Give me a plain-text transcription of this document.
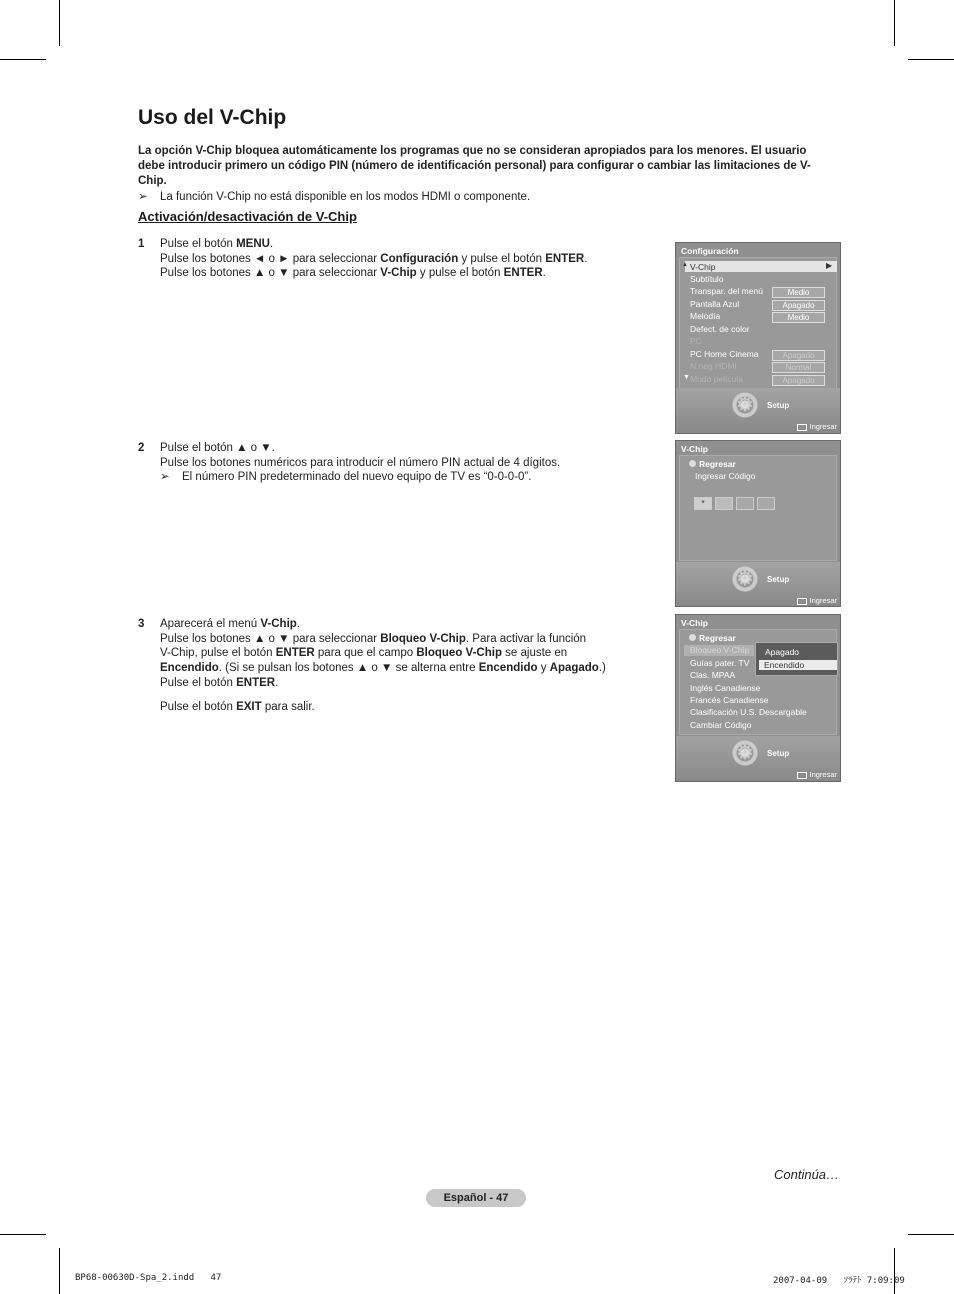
Uso del V-Chip
La opción V-Chip bloquea automáticamente los programas que no se consideran apropiados para los menores. El usuario debe introducir primero un código PIN (número de identificación personal) para configurar o cambiar las limitaciones de V-Chip.
➢ La función V-Chip no está disponible en los modos HDMI o componente.
Activación/desactivación de V-Chip
1 Pulse el botón MENU.
Pulse los botones ◄ o ► para seleccionar Configuración y pulse el botón ENTER.
Pulse los botones ▲ o ▼ para seleccionar V-Chip y pulse el botón ENTER.
2 Pulse el botón ▲ o ▼.
Pulse los botones numéricos para introducir el número PIN actual de 4 dígitos.
➢ El número PIN predeterminado del nuevo equipo de TV es “0-0-0-0”.
3 Aparecerá el menú V-Chip.
Pulse los botones ▲ o ▼ para seleccionar Bloqueo V-Chip. Para activar la función
V-Chip, pulse el botón ENTER para que el campo Bloqueo V-Chip se ajuste en
Encendido. (Si se pulsan los botones ▲ o ▼ se alterna entre Encendido y Apagado.)
Pulse el botón ENTER.
Pulse el botón EXIT para salir.
Configuración
▲	▶
V-Chip
Subtítulo
Transpar. del menú	Medio
Pantalla Azul	Apagado
Melodía	Medio
Defect. de color
PC
PC Home Cinema	Apagado
N.neg HDMI	Normal
▼ Modo película	Apagado
⚙	Setup
Ingresar
V-Chip
Regresar
Ingresar Código
*
⚙	Setup
Ingresar
V-Chip
Regresar
Bloqueo V-Chip
Guías pater. TV
Clas. MPAA
Inglés Canadiense
Francés Canadiense
Clasificación U.S. Descargable
Cambiar Código
Apagado
Encendido
⚙	Setup
Ingresar
Continúa…
Español - 47
BP68-00630D-Spa_2.indd   47	2007-04-09   ｿﾗﾃﾄ 7:09:09
